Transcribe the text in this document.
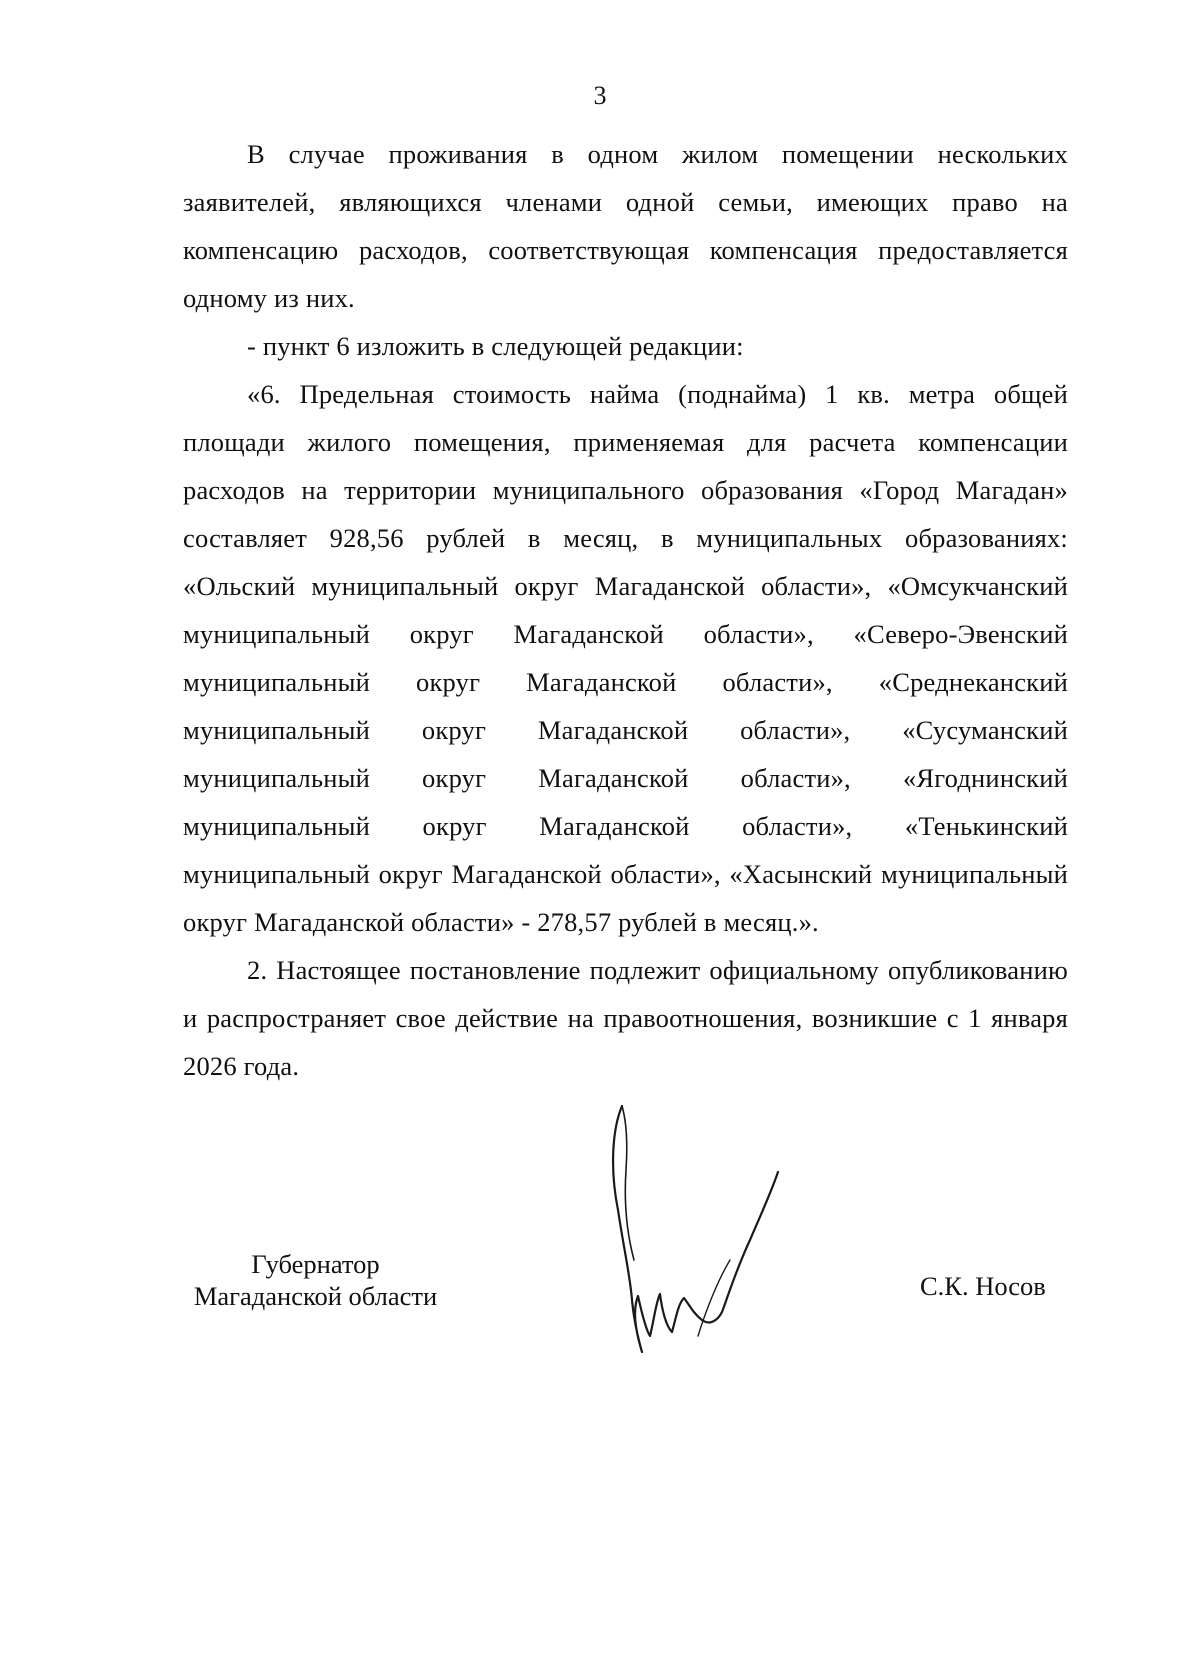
3

В случае проживания в одном жилом помещении нескольких заявителей, являющихся членами одной семьи, имеющих право на компенсацию расходов, соответствующая компенсация предоставляется одному из них.

- пункт 6 изложить в следующей редакции:

«6. Предельная стоимость найма (поднайма) 1 кв. метра общей площади жилого помещения, применяемая для расчета компенсации расходов на территории муниципального образования «Город Магадан» составляет 928,56 рублей в месяц, в муниципальных образованиях: «Ольский муниципальный округ Магаданской области», «Омсукчанский муниципальный округ Магаданской области», «Северо-Эвенский муниципальный округ Магаданской области», «Среднеканский муниципальный округ Магаданской области», «Сусуманский муниципальный округ Магаданской области», «Ягоднинский муниципальный округ Магаданской области», «Тенькинский муниципальный округ Магаданской области», «Хасынский муниципальный округ Магаданской области» - 278,57 рублей в месяц.».

2. Настоящее постановление подлежит официальному опубликованию и распространяет свое действие на правоотношения, возникшие с 1 января 2026 года.

Губернатор
Магаданской области	С.К. Носов
